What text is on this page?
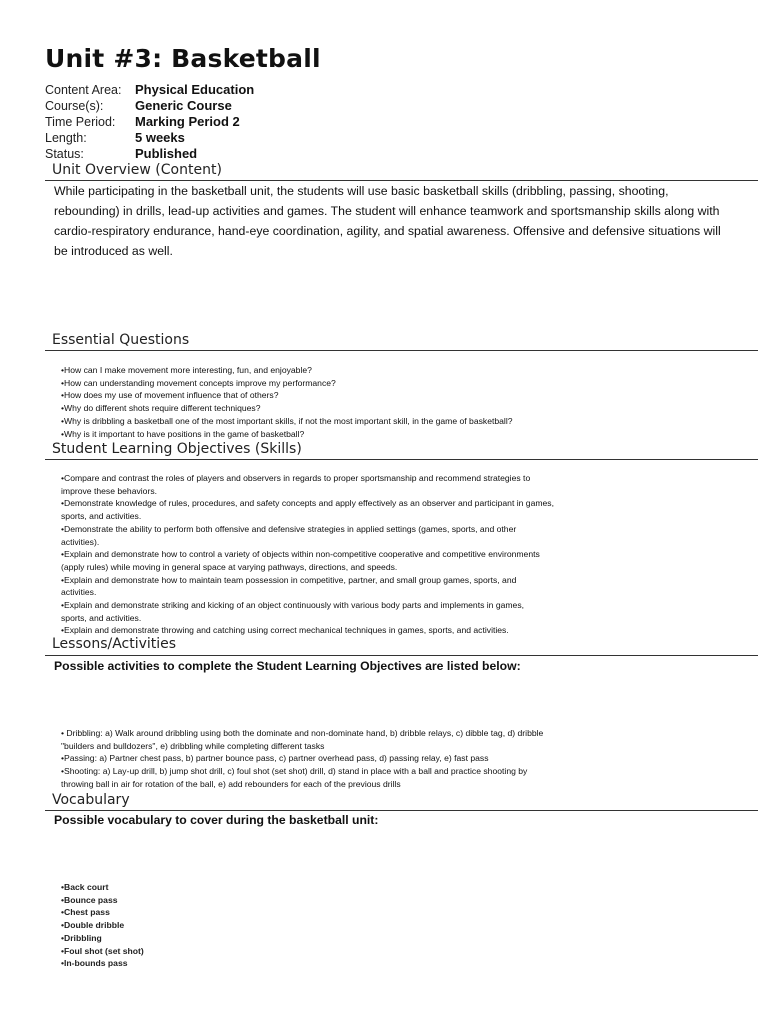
Unit #3: Basketball
Content Area:	Physical Education
Course(s):	Generic Course
Time Period:	Marking Period 2
Length:	5 weeks
Status:	Published
Unit Overview (Content)
While participating in the basketball unit, the students will use basic basketball skills (dribbling, passing, shooting, rebounding) in drills, lead-up activities and games. The student will enhance teamwork and sportsmanship skills along with cardio-respiratory endurance, hand-eye coordination, agility, and spatial awareness. Offensive and defensive situations will be introduced as well.
Essential Questions
•How can I make movement more interesting, fun, and enjoyable?
•How can understanding movement concepts improve my performance?
•How does my use of movement influence that of others?
•Why do different shots require different techniques?
•Why is dribbling a basketball one of the most important skills, if not the most important skill, in the game of basketball?
•Why is it important to have positions in the game of basketball?
Student Learning Objectives (Skills)
•Compare and contrast the roles of players and observers in regards to proper sportsmanship and recommend strategies to
improve these behaviors.
•Demonstrate knowledge of rules, procedures, and safety concepts and apply effectively as an observer and participant in games,
sports, and activities.
•Demonstrate the ability to perform both offensive and defensive strategies in applied settings (games, sports, and other
activities).
•Explain and demonstrate how to control a variety of objects within non-competitive cooperative and competitive environments
(apply rules) while moving in general space at varying pathways, directions, and speeds.
•Explain and demonstrate how to maintain team possession in competitive, partner, and small group games, sports, and
activities.
•Explain and demonstrate striking and kicking of an object continuously with various body parts and implements in games,
sports, and activities.
•Explain and demonstrate throwing and catching using correct mechanical techniques in games, sports, and activities.
Lessons/Activities
Possible activities to complete the Student Learning Objectives are listed below:
• Dribbling: a) Walk around dribbling using both the dominate and non-dominate hand, b) dribble relays, c) dibble tag, d) dribble
"builders and bulldozers", e) dribbling while completing different tasks
•Passing: a) Partner chest pass, b) partner bounce pass, c) partner overhead pass, d) passing relay, e) fast pass
•Shooting: a) Lay-up drill, b) jump shot drill, c) foul shot (set shot) drill, d) stand in place with a ball and practice shooting by
throwing ball in air for rotation of the ball, e) add rebounders for each of the previous drills
Vocabulary
Possible vocabulary to cover during the basketball unit:
•Back court
•Bounce pass
•Chest pass
•Double dribble
•Dribbling
•Foul shot (set shot)
•In-bounds pass
